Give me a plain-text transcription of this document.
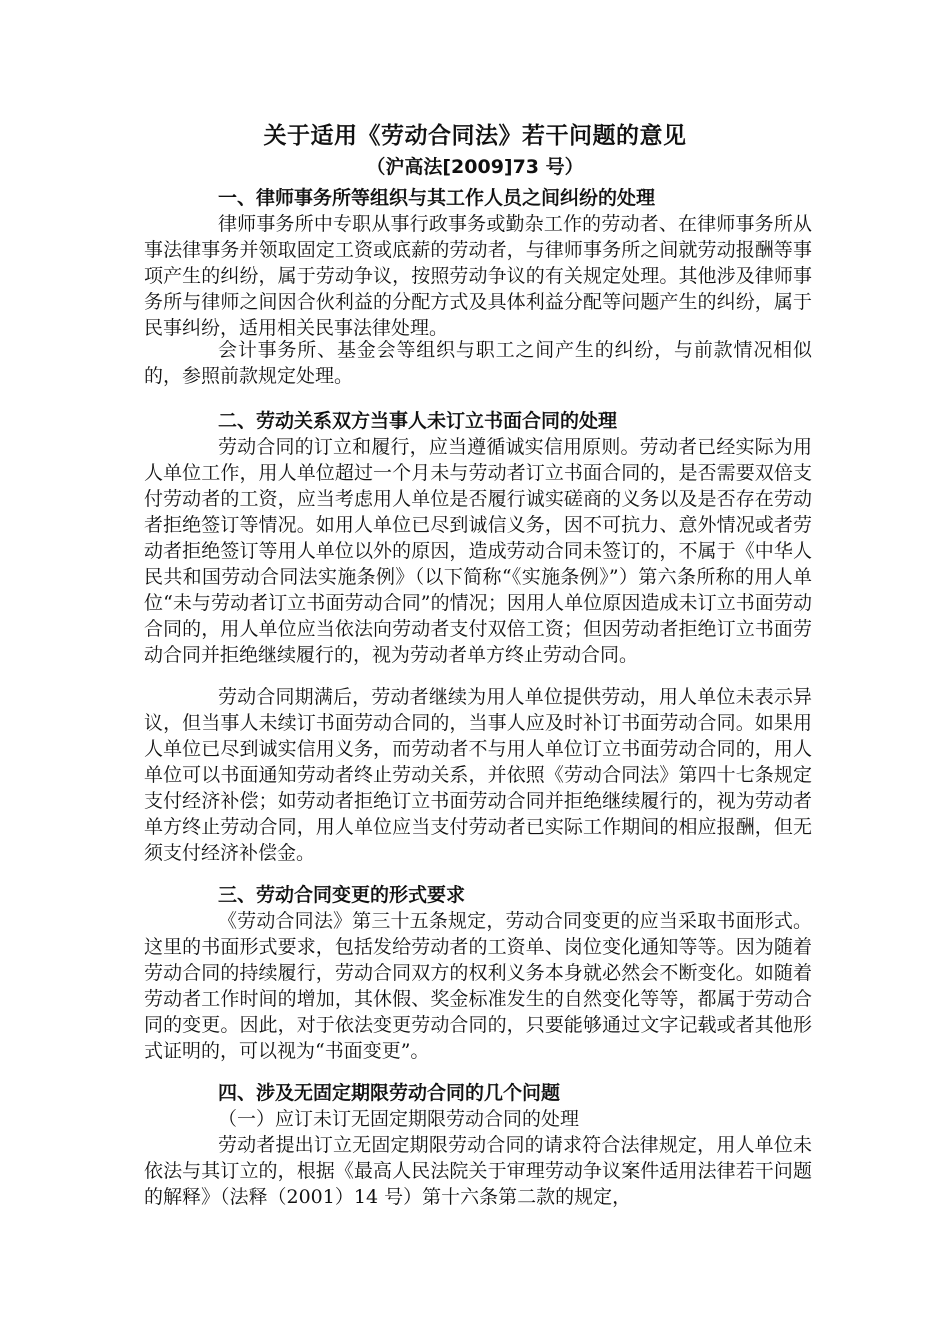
关于适用《劳动合同法》若干问题的意见
（沪高法[2009]73 号）
一、律师事务所等组织与其工作人员之间纠纷的处理

律师事务所中专职从事行政事务或勤杂工作的劳动者、在律师事务所从事法律事务并领取固定工资或底薪的劳动者，与律师事务所之间就劳动报酬等事项产生的纠纷，属于劳动争议，按照劳动争议的有关规定处理。其他涉及律师事务所与律师之间因合伙利益的分配方式及具体利益分配等问题产生的纠纷，属于民事纠纷，适用相关民事法律处理。

会计事务所、基金会等组织与职工之间产生的纠纷，与前款情况相似的，参照前款规定处理。

二、劳动关系双方当事人未订立书面合同的处理

劳动合同的订立和履行，应当遵循诚实信用原则。劳动者已经实际为用人单位工作，用人单位超过一个月未与劳动者订立书面合同的，是否需要双倍支付劳动者的工资，应当考虑用人单位是否履行诚实磋商的义务以及是否存在劳动者拒绝签订等情况。如用人单位已尽到诚信义务，因不可抗力、意外情况或者劳动者拒绝签订等用人单位以外的原因，造成劳动合同未签订的，不属于《中华人民共和国劳动合同法实施条例》（以下简称“《实施条例》”）第六条所称的用人单位“未与劳动者订立书面劳动合同”的情况；因用人单位原因造成未订立书面劳动合同的，用人单位应当依法向劳动者支付双倍工资；但因劳动者拒绝订立书面劳动合同并拒绝继续履行的，视为劳动者单方终止劳动合同。

劳动合同期满后，劳动者继续为用人单位提供劳动，用人单位未表示异议，但当事人未续订书面劳动合同的，当事人应及时补订书面劳动合同。如果用人单位已尽到诚实信用义务，而劳动者不与用人单位订立书面劳动合同的，用人单位可以书面通知劳动者终止劳动关系，并依照《劳动合同法》第四十七条规定支付经济补偿；如劳动者拒绝订立书面劳动合同并拒绝继续履行的，视为劳动者单方终止劳动合同，用人单位应当支付劳动者已实际工作期间的相应报酬，但无须支付经济补偿金。

三、劳动合同变更的形式要求

《劳动合同法》第三十五条规定，劳动合同变更的应当采取书面形式。这里的书面形式要求，包括发给劳动者的工资单、岗位变化通知等等。因为随着劳动合同的持续履行，劳动合同双方的权利义务本身就必然会不断变化。如随着劳动者工作时间的增加，其休假、奖金标准发生的自然变化等等，都属于劳动合同的变更。因此，对于依法变更劳动合同的，只要能够通过文字记载或者其他形式证明的，可以视为“书面变更”。

四、涉及无固定期限劳动合同的几个问题
（一）应订未订无固定期限劳动合同的处理

劳动者提出订立无固定期限劳动合同的请求符合法律规定，用人单位未依法与其订立的，根据《最高人民法院关于审理劳动争议案件适用法律若干问题的解释》（法释（2001）14 号）第十六条第二款的规定，
